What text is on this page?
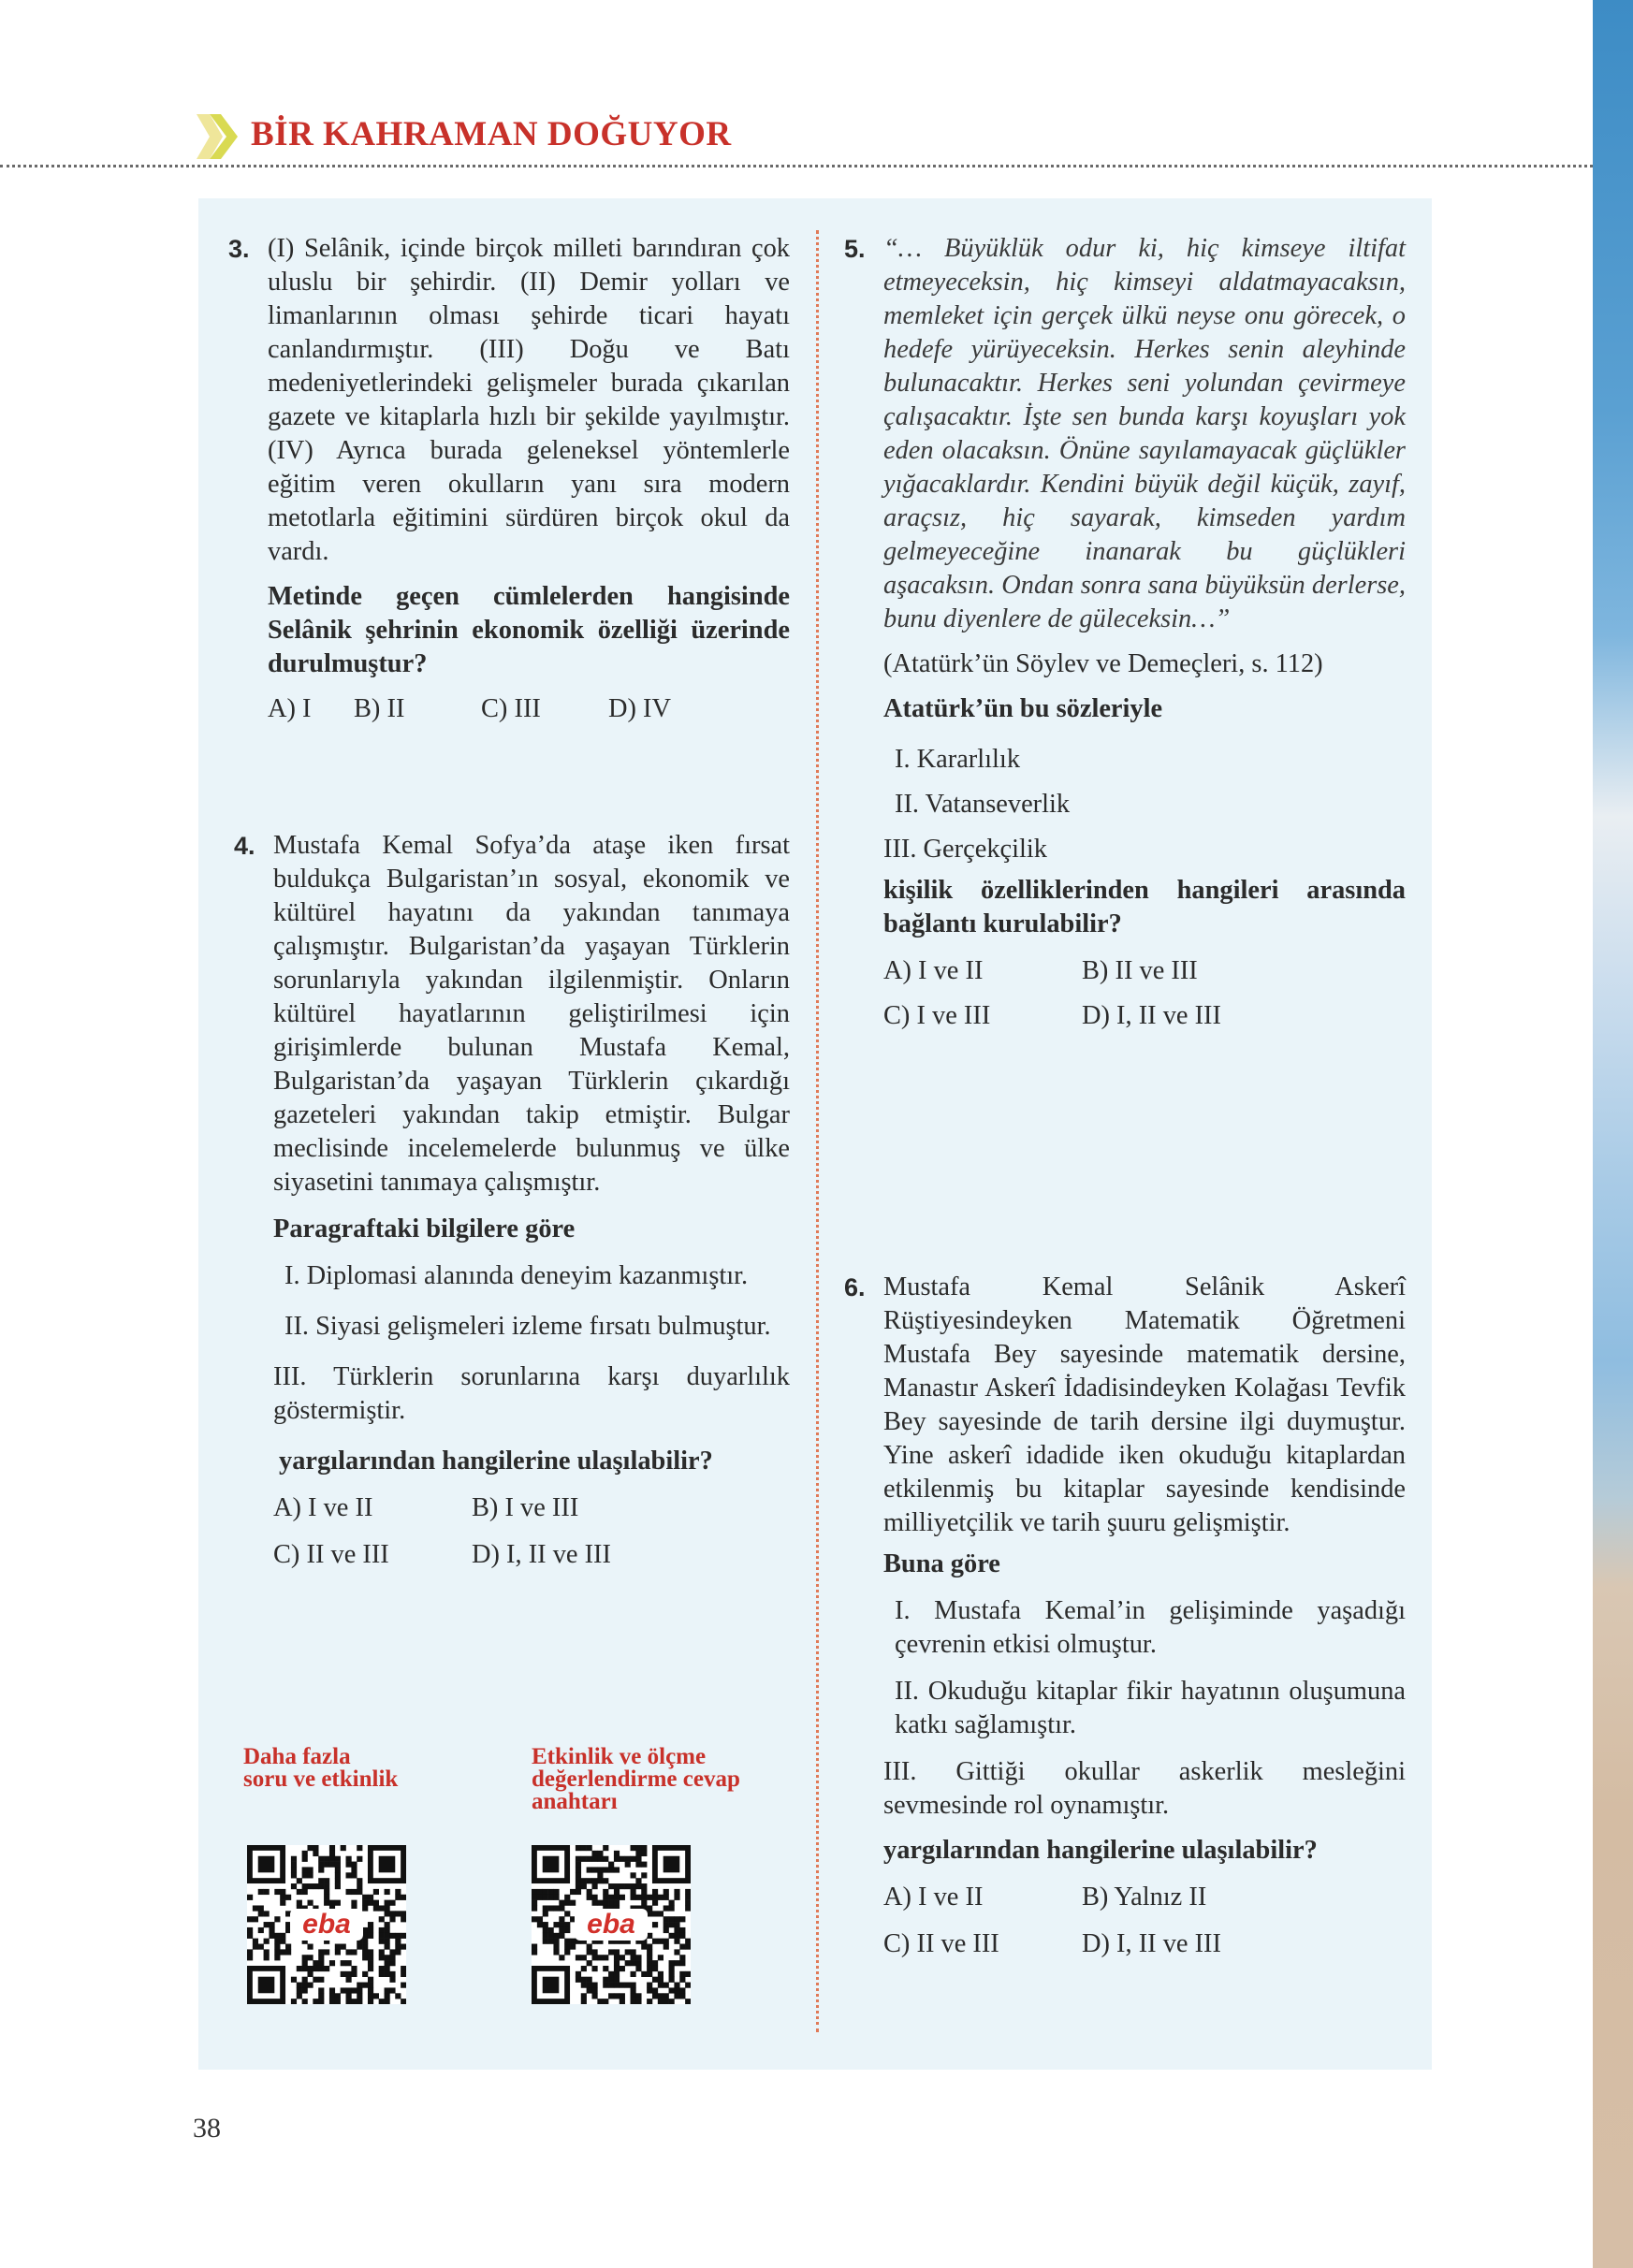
BİR KAHRAMAN DOĞUYOR
3. (I) Selânik, içinde birçok milleti barındıran çok uluslu bir şehirdir. (II) Demir yolları ve limanlarının olması şehirde ticari hayatı canlandırmıştır. (III) Doğu ve Batı medeniyetlerindeki gelişmeler burada çıkarılan gazete ve kitaplarla hızlı bir şekilde yayılmıştır. (IV) Ayrıca burada geleneksel yöntemlerle eğitim veren okulların yanı sıra modern metotlarla eğitimini sürdüren birçok okul da vardı.
Metinde geçen cümlelerden hangisinde Selânik şehrinin ekonomik özelliği üzerinde durulmuştur?
A) I	B) II	C) III	D) IV
4. Mustafa Kemal Sofya’da ataşe iken fırsat buldukça Bulgaristan’ın sosyal, ekonomik ve kültürel hayatını da yakından tanımaya çalışmıştır. Bulgaristan’da yaşayan Türklerin sorunlarıyla yakından ilgilenmiştir. Onların kültürel hayatlarının geliştirilmesi için girişimlerde bulunan Mustafa Kemal, Bulgaristan’da yaşayan Türklerin çıkardığı gazeteleri yakından takip etmiştir. Bulgar meclisinde incelemelerde bulunmuş ve ülke siyasetini tanımaya çalışmıştır.
Paragraftaki bilgilere göre
I. Diplomasi alanında deneyim kazanmıştır.
II. Siyasi gelişmeleri izleme fırsatı bulmuştur.
III. Türklerin sorunlarına karşı duyarlılık göstermiştir.
yargılarından hangilerine ulaşılabilir?
A) I ve II	B) I ve III
C) II ve III	D) I, II ve III
Daha fazla
soru ve etkinlik
eba
Etkinlik ve ölçme
değerlendirme cevap
anahtarı
eba
5. “… Büyüklük odur ki, hiç kimseye iltifat etmeyeceksin, hiç kimseyi aldatmayacaksın, memleket için gerçek ülkü neyse onu görecek, o hedefe yürüyeceksin. Herkes senin aleyhinde bulunacaktır. Herkes seni yolundan çevirmeye çalışacaktır. İşte sen bunda karşı koyuşları yok eden olacaksın. Önüne sayılamayacak güçlükler yığacaklardır. Kendini büyük değil küçük, zayıf, araçsız, hiç sayarak, kimseden yardım gelmeyeceğine inanarak bu güçlükleri aşacaksın. Ondan sonra sana büyüksün derlerse, bunu diyenlere de güleceksin…”
(Atatürk’ün Söylev ve Demeçleri, s. 112)
Atatürk’ün bu sözleriyle
I. Kararlılık
II. Vatanseverlik
III. Gerçekçilik
kişilik özelliklerinden hangileri arasında bağlantı kurulabilir?
A) I ve II	B) II ve III
C) I ve III	D) I, II ve III
6. Mustafa Kemal Selânik Askerî Rüştiyesindeyken Matematik Öğretmeni Mustafa Bey sayesinde matematik dersine, Manastır Askerî İdadisindeyken Kolağası Tevfik Bey sayesinde de tarih dersine ilgi duymuştur. Yine askerî idadide iken okuduğu kitaplardan etkilenmiş bu kitaplar sayesinde kendisinde milliyetçilik ve tarih şuuru gelişmiştir.
Buna göre
I. Mustafa Kemal’in gelişiminde yaşadığı çevrenin etkisi olmuştur.
II. Okuduğu kitaplar fikir hayatının oluşumuna katkı sağlamıştır.
III. Gittiği okullar askerlik mesleğini sevmesinde rol oynamıştır.
yargılarından hangilerine ulaşılabilir?
A) I ve II	B) Yalnız II
C) II ve III	D) I, II ve III
38
